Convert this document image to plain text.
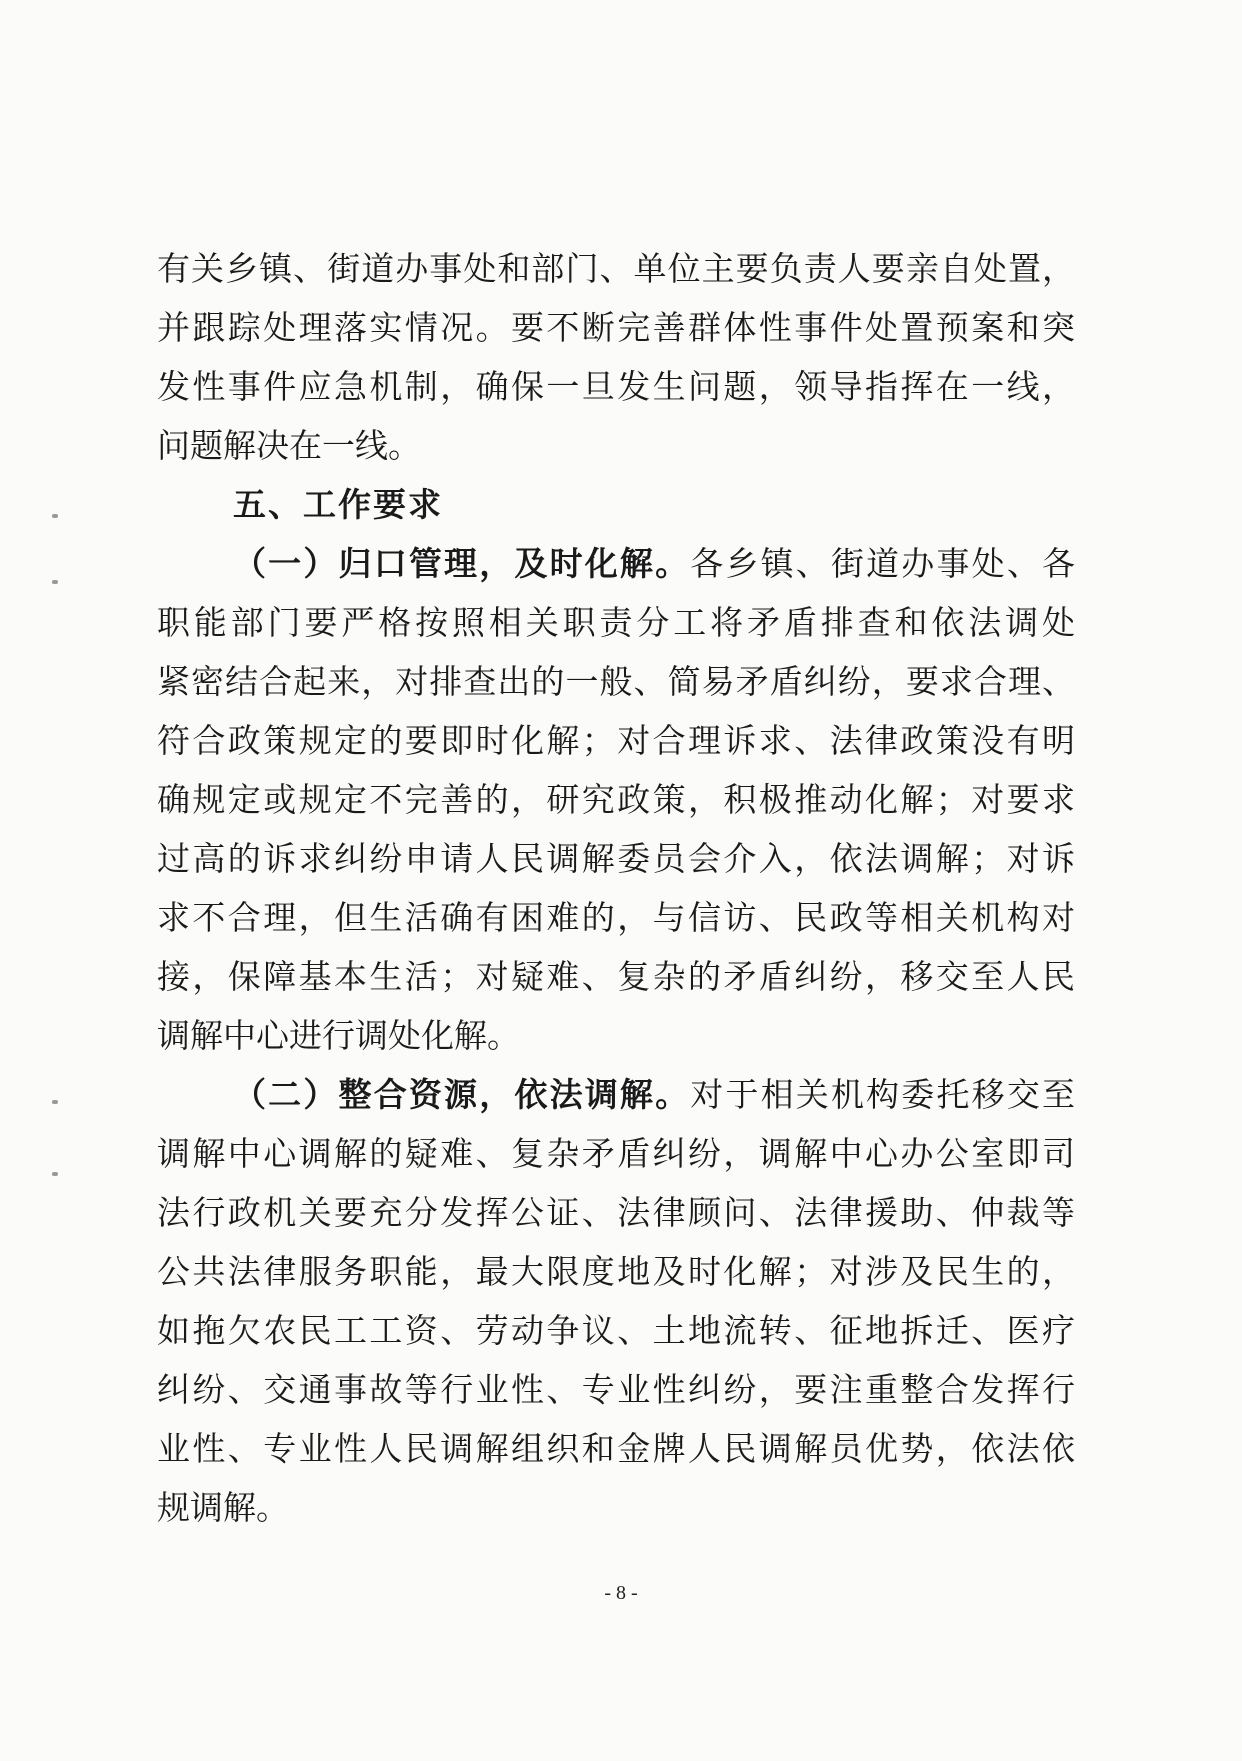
有关乡镇、街道办事处和部门、单位主要负责人要亲自处置，
并跟踪处理落实情况。要不断完善群体性事件处置预案和突
发性事件应急机制，确保一旦发生问题，领导指挥在一线，
问题解决在一线。
五、工作要求
（一）归口管理，及时化解。各乡镇、街道办事处、各
职能部门要严格按照相关职责分工将矛盾排查和依法调处
紧密结合起来，对排查出的一般、简易矛盾纠纷，要求合理、
符合政策规定的要即时化解；对合理诉求、法律政策没有明
确规定或规定不完善的，研究政策，积极推动化解；对要求
过高的诉求纠纷申请人民调解委员会介入，依法调解；对诉
求不合理，但生活确有困难的，与信访、民政等相关机构对
接，保障基本生活；对疑难、复杂的矛盾纠纷，移交至人民
调解中心进行调处化解。
（二）整合资源，依法调解。对于相关机构委托移交至
调解中心调解的疑难、复杂矛盾纠纷，调解中心办公室即司
法行政机关要充分发挥公证、法律顾问、法律援助、仲裁等
公共法律服务职能，最大限度地及时化解；对涉及民生的，
如拖欠农民工工资、劳动争议、土地流转、征地拆迁、医疗
纠纷、交通事故等行业性、专业性纠纷，要注重整合发挥行
业性、专业性人民调解组织和金牌人民调解员优势，依法依
规调解。
- 8 -
